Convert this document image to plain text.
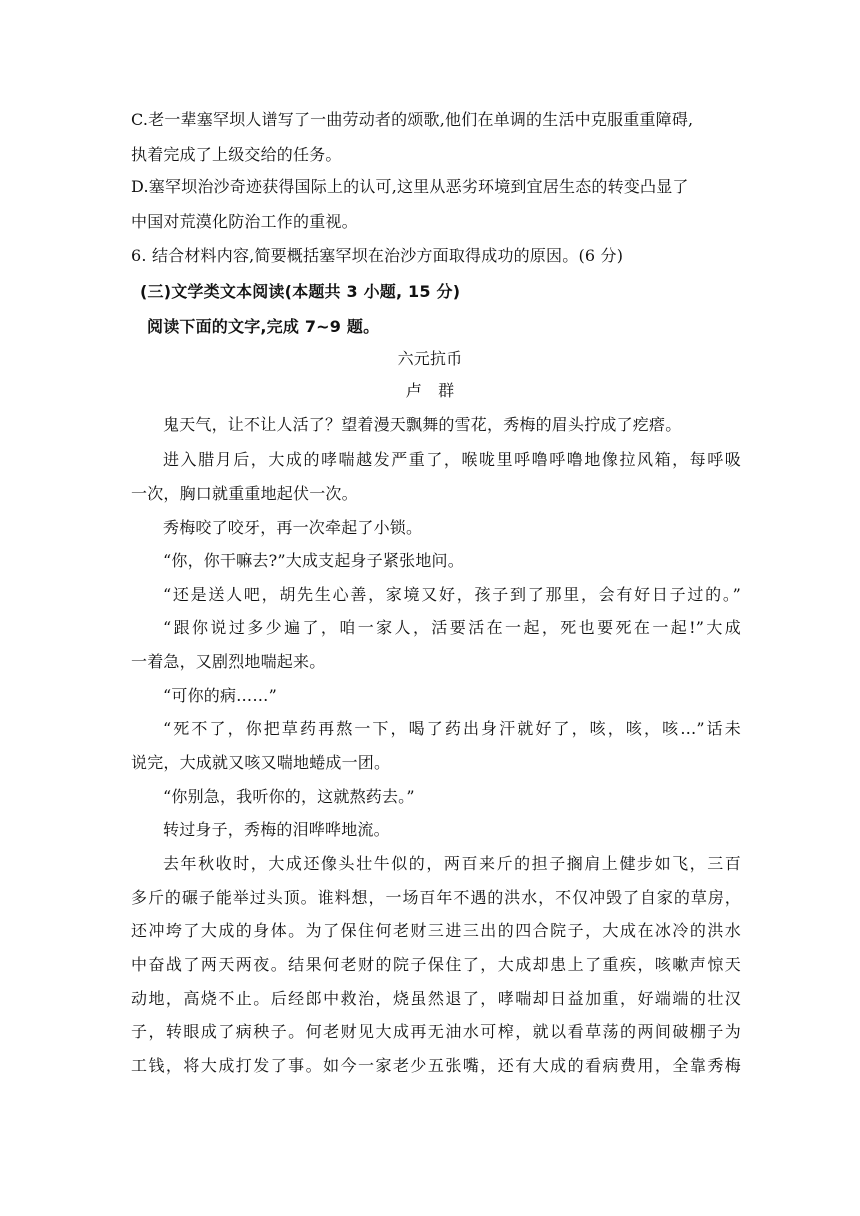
C.老一辈塞罕坝人谱写了一曲劳动者的颂歌,他们在单调的生活中克服重重障碍,
执着完成了上级交给的任务。
D.塞罕坝治沙奇迹获得国际上的认可,这里从恶劣环境到宜居生态的转变凸显了
中国对荒漠化防治工作的重视。
6. 结合材料内容,简要概括塞罕坝在治沙方面取得成功的原因。(6 分)
(三)文学类文本阅读(本题共 3 小题, 15 分)
阅读下面的文字,完成 7~9 题。
六元抗币
卢　群
鬼天气，让不让人活了？望着漫天飘舞的雪花，秀梅的眉头拧成了疙瘩。
进入腊月后，大成的哮喘越发严重了，喉咙里呼噜呼噜地像拉风箱，每呼吸
一次，胸口就重重地起伏一次。
秀梅咬了咬牙，再一次牵起了小锁。
“你，你干嘛去?”大成支起身子紧张地问。
“还是送人吧，胡先生心善，家境又好，孩子到了那里，会有好日子过的。”
“跟你说过多少遍了，咱一家人，活要活在一起，死也要死在一起!”大成
一着急，又剧烈地喘起来。
“可你的病……”
“死不了，你把草药再熬一下，喝了药出身汗就好了，咳，咳，咳…”话未
说完，大成就又咳又喘地蜷成一团。
“你别急，我听你的，这就熬药去。”
转过身子，秀梅的泪哗哗地流。
去年秋收时，大成还像头壮牛似的，两百来斤的担子搁肩上健步如飞，三百
多斤的碾子能举过头顶。谁料想，一场百年不遇的洪水，不仅冲毁了自家的草房，
还冲垮了大成的身体。为了保住何老财三进三出的四合院子，大成在冰冷的洪水
中奋战了两天两夜。结果何老财的院子保住了，大成却患上了重疾，咳嗽声惊天
动地，高烧不止。后经郎中救治，烧虽然退了，哮喘却日益加重，好端端的壮汉
子，转眼成了病秧子。何老财见大成再无油水可榨，就以看草荡的两间破棚子为
工钱，将大成打发了事。如今一家老少五张嘴，还有大成的看病费用，全靠秀梅
